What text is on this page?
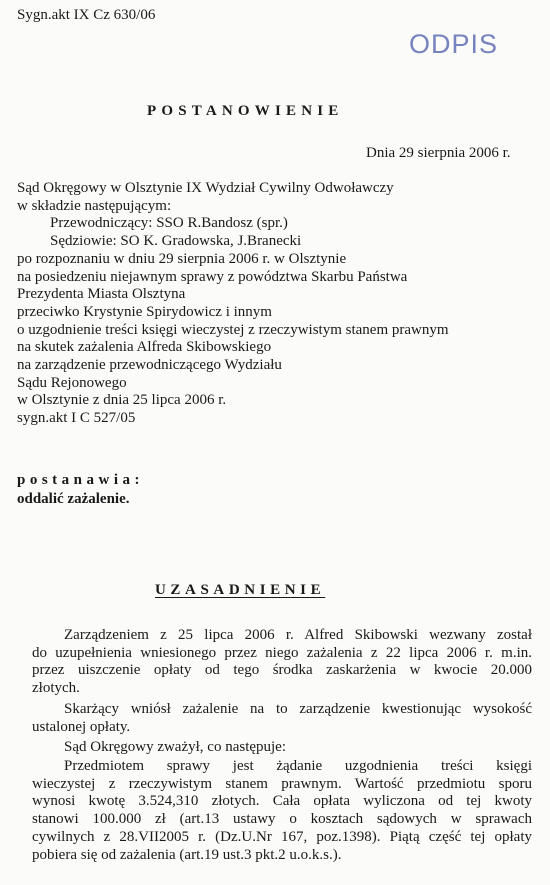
Sygn.akt IX Cz 630/06
ODPIS
POSTANOWIENIE
Dnia 29 sierpnia 2006 r.
Sąd Okręgowy w Olsztynie IX Wydział Cywilny Odwoławczy
w składzie następującym:
Przewodniczący: SSO R.Bandosz (spr.)
Sędziowie: SO K. Gradowska, J.Branecki
po rozpoznaniu w dniu 29 sierpnia 2006 r. w Olsztynie
na posiedzeniu niejawnym sprawy z powództwa Skarbu Państwa
Prezydenta Miasta Olsztyna
przeciwko Krystynie Spirydowicz i innym
o uzgodnienie treści księgi wieczystej z rzeczywistym stanem prawnym
na skutek zażalenia Alfreda Skibowskiego
na zarządzenie przewodniczącego Wydziału
Sądu Rejonowego
w Olsztynie z dnia 25 lipca 2006 r.
sygn.akt I C 527/05
postanawia:
oddalić zażalenie.
UZASADNIENIE
Zarządzeniem z 25 lipca 2006 r. Alfred Skibowski wezwany został
do uzupełnienia wniesionego przez niego zażalenia z 22 lipca 2006 r. m.in.
przez uiszczenie opłaty od tego środka zaskarżenia w kwocie 20.000
złotych.
Skarżący wniósł zażalenie na to zarządzenie kwestionując wysokość
ustalonej opłaty.
Sąd Okręgowy zważył, co następuje:
Przedmiotem sprawy jest żądanie uzgodnienia treści księgi
wieczystej z rzeczywistym stanem prawnym. Wartość przedmiotu sporu
wynosi kwotę 3.524,310 złotych. Cała opłata wyliczona od tej kwoty
stanowi 100.000 zł (art.13 ustawy o kosztach sądowych w sprawach
cywilnych z 28.VII2005 r. (Dz.U.Nr 167, poz.1398). Piątą część tej opłaty
pobiera się od zażalenia (art.19 ust.3 pkt.2 u.o.k.s.).
